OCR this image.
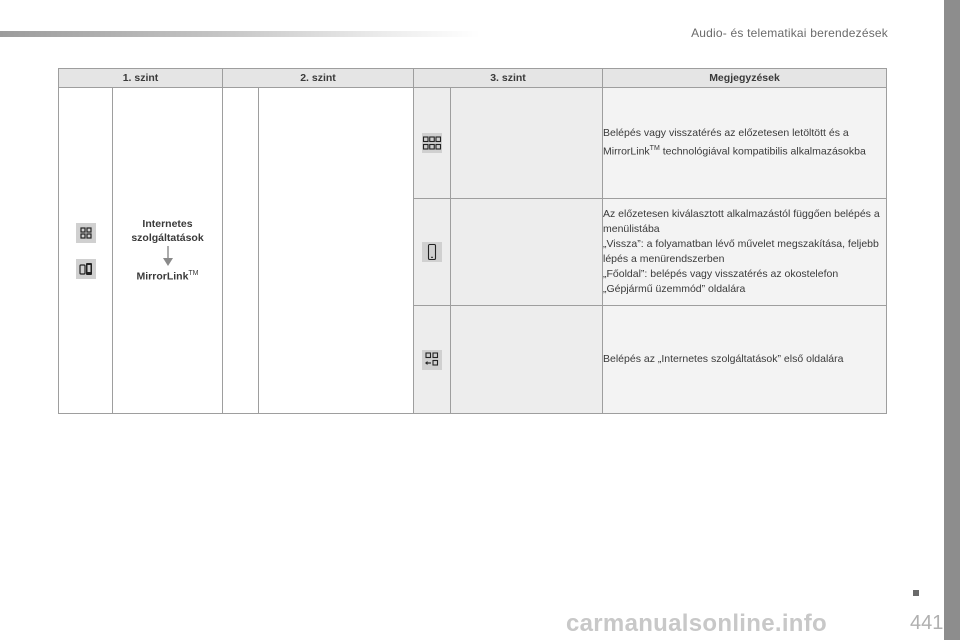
Audio- és telematikai berendezések
1. szint		2. szint		3. szint		Megjegyzések

Internetes
szolgáltatások
MirrorLink™					Belépés vagy visszatérés az előzetesen letöltött és a MirrorLink™ technológiával kompatibilis alkalmazásokba

Az előzetesen kiválasztott alkalmazástól függően belépés a menülistába
„Vissza”: a folyamatban lévő művelet megszakítása, feljebb lépés a menürendszerben
„Főoldal”: belépés vagy visszatérés az okostelefon „Gépjármű üzemmód” oldalára

		Belépés az „Internetes szolgáltatások” első oldalára
carmanualsonline.info	441
